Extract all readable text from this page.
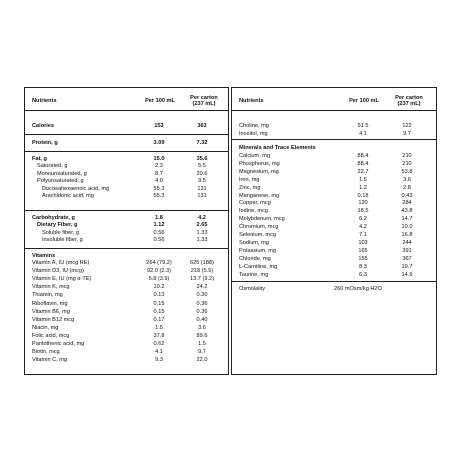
Nutrients	Per 100 mL	Per carton
(237 mL)
Calories	153	363
Protein, g	3.09	7.32
Fat, g	15.0	35.6
Saturated, g	2.3	5.5
Monounsaturated, g	8.7	20.6
Polyunsaturated, g	4.0	9.5
Docosahexaenoic acid, mg	55.3	131
Arachidonic acid, mg	55.3	131
Carbohydrate, g	1.8	4.2
Dietary Fiber, g	1.12	2.65
Soluble fiber, g	0.56	1.33
Insoluble fiber, g	0.56	1.33
Vitamins
Vitamin A, IU (mcg RE)	264 (79.2)	625 (188)
Vitamin D3, IU (mcg)	92.0 (2.3)	218 (5.5)
Vitamin E, IU (mg α-TE)	5.8 (3.9)	13.7 (9.2)
Vitamin K, mcg	10.2	24.2
Thiamin, mg	0.13	0.30
Riboflavin, mg	0.15	0.36
Vitamin B6, mg	0.15	0.36
Vitamin B12 mcg	0.17	0.40
Niacin, mg	1.5	3.6
Folic acid, mcg	37.8	89.6
Pantothenic acid, mg	0.62	1.5
Biotin, mcg	4.1	9.7
Vitamin C, mg	9.3	22.0
Nutrients	Per 100 mL	Per carton
(237 mL)
Choline, mg	51.5	122
Inositol, mg	4.1	9.7
Minerals and Trace Elements
Calcium, mg	88.4	210
Phosphorus, mg	88.4	210
Magnesium, mg	22.7	53.8
Iron, mg	1.5	3.6
Zinc, mg	1.2	2.8
Manganese, mg	0.18	0.43
Copper, mcg	120	284
Iodine, mcg	18.5	43.8
Molybdenum, mcg	6.2	14.7
Chromium, mcg	4.2	10.0
Selenium, mcg	7.1	16.8
Sodium, mg	103	244
Potassium, mg	165	391
Chloride, mg	155	367
L-Carnitine, mg	8.3	19.7
Taurine, mg	6.3	14.9
Osmolality	260 mOsm/kg H2O
